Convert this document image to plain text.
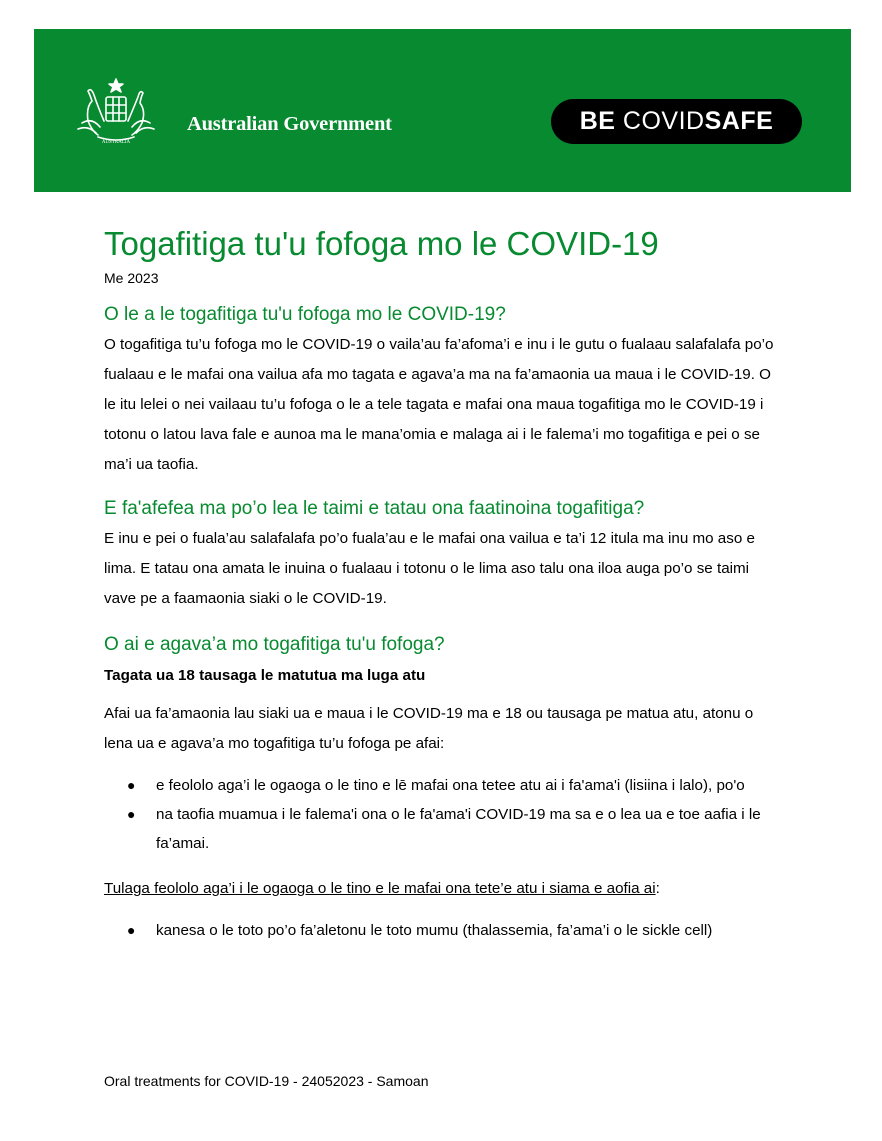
AUSTRALIA
Australian Government	BE COVIDSAFE
Togafitiga tu'u fofoga mo le COVID-19
Me 2023
O le a le togafitiga tu'u fofoga mo le COVID-19?

O togafitiga tu’u fofoga mo le COVID-19 o vaila’au fa’afoma’i e inu i le gutu o fualaau salafalafa po’o fualaau e le mafai ona vailua afa mo tagata e agava’a ma na fa’amaonia ua maua i le COVID-19. O le itu lelei o nei vailaau tu’u fofoga o le a tele tagata e mafai ona maua togafitiga mo le COVID-19 i totonu o latou lava fale e aunoa ma le mana’omia e malaga ai i le falema’i mo togafitiga e pei o se ma’i ua taofia.

E fa'afefea ma po’o lea le taimi e tatau ona faatinoina togafitiga?

E inu e pei o fuala’au salafalafa po’o fuala’au e le mafai ona vailua e ta’i 12 itula ma inu mo aso e lima. E tatau ona amata le inuina o fualaau i totonu o le lima aso talu ona iloa auga po’o se taimi vave pe a faamaonia siaki o le COVID-19.

O ai e agava’a mo togafitiga tu'u fofoga?
Tagata ua 18 tausaga le matutua ma luga atu

Afai ua fa’amaonia lau siaki ua e maua i le COVID-19 ma e 18 ou tausaga pe matua atu, atonu o lena ua e agava’a mo togafitiga tu’u fofoga pe afai:

● e feololo aga’i le ogaoga o le tino e lē mafai ona tetee atu ai i fa'ama'i (lisiina i lalo), po'o
● na taofia muamua i le falema'i ona o le fa'ama'i COVID-19 ma sa e o lea ua e toe aafia i le fa’amai.

Tulaga feololo aga’i i le ogaoga o le tino e le mafai ona tete’e atu i siama e aofia ai:

● kanesa o le toto po’o fa’aletonu le toto mumu (thalassemia, fa’ama’i o le sickle cell)
Oral treatments for COVID-19 - 24052023 - Samoan
